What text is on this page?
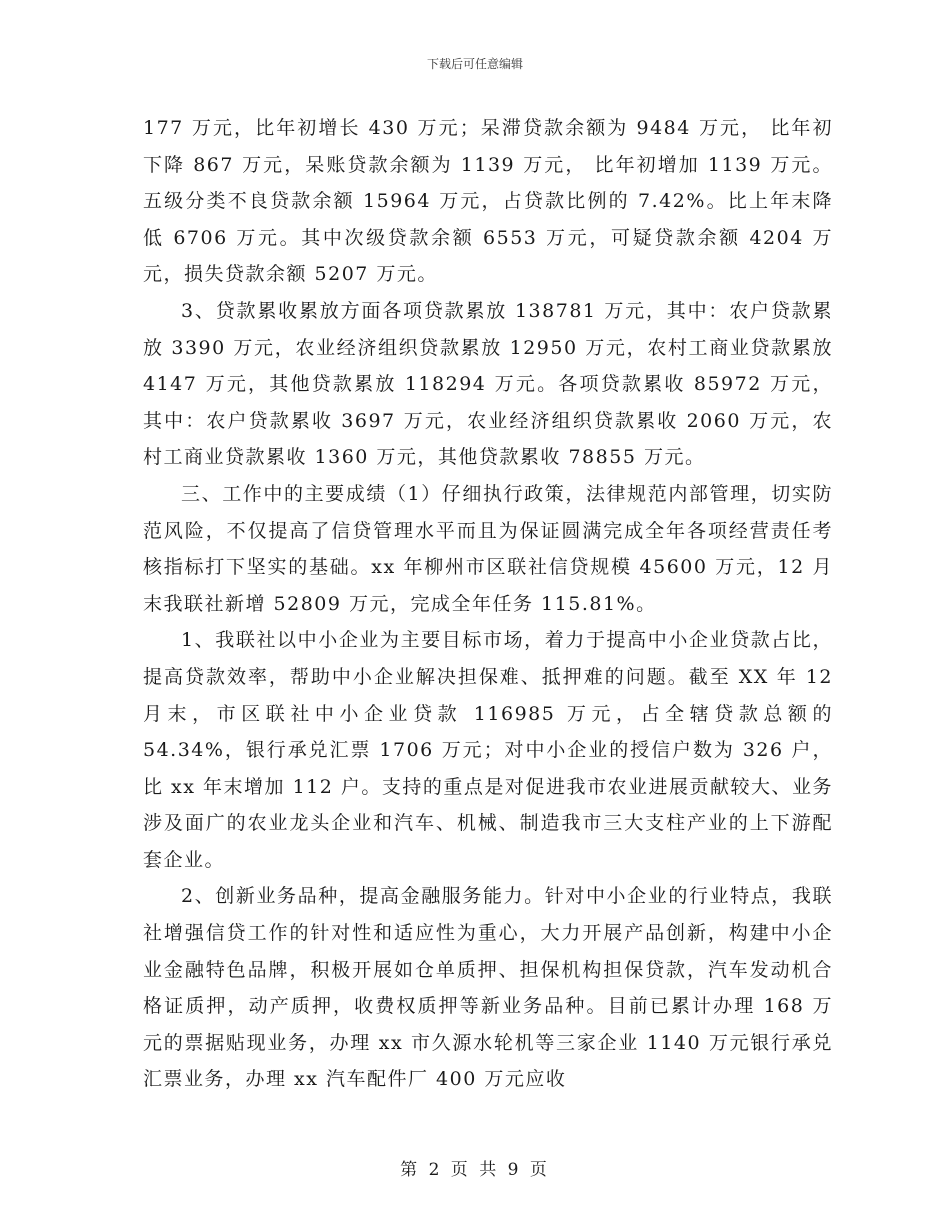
下载后可任意编辑

177 万元，比年初增长 430 万元；呆滞贷款余额为 9484 万元， 比年初下降 867 万元，呆账贷款余额为 1139 万元， 比年初增加 1139 万元。五级分类不良贷款余额 15964 万元，占贷款比例的 7.42%。比上年末降低 6706 万元。其中次级贷款余额 6553 万元，可疑贷款余额 4204 万元，损失贷款余额 5207 万元。

3、贷款累收累放方面各项贷款累放 138781 万元，其中：农户贷款累放 3390 万元，农业经济组织贷款累放 12950 万元，农村工商业贷款累放 4147 万元，其他贷款累放 118294 万元。各项贷款累收 85972 万元， 其中：农户贷款累收 3697 万元，农业经济组织贷款累收 2060 万元，农村工商业贷款累收 1360 万元，其他贷款累收 78855 万元。

三、工作中的主要成绩（1）仔细执行政策，法律规范内部管理，切实防范风险，不仅提高了信贷管理水平而且为保证圆满完成全年各项经营责任考核指标打下坚实的基础。xx 年柳州市区联社信贷规模 45600 万元，12 月末我联社新增 52809 万元，完成全年任务 115.81%。

1、我联社以中小企业为主要目标市场，着力于提高中小企业贷款占比，提高贷款效率，帮助中小企业解决担保难、抵押难的问题。截至 XX 年 12 月末，市区联社中小企业贷款 116985 万元，占全辖贷款总额的 54.34%，银行承兑汇票 1706 万元；对中小企业的授信户数为 326 户，比 xx 年末增加 112 户。支持的重点是对促进我市农业进展贡献较大、业务涉及面广的农业龙头企业和汽车、机械、制造我市三大支柱产业的上下游配套企业。

2、创新业务品种，提高金融服务能力。针对中小企业的行业特点，我联社增强信贷工作的针对性和适应性为重心，大力开展产品创新，构建中小企业金融特色品牌，积极开展如仓单质押、担保机构担保贷款，汽车发动机合格证质押，动产质押，收费权质押等新业务品种。目前已累计办理 168 万元的票据贴现业务，办理 xx 市久源水轮机等三家企业 1140 万元银行承兑汇票业务，办理 xx 汽车配件厂 400 万元应收

第 2 页 共 9 页
